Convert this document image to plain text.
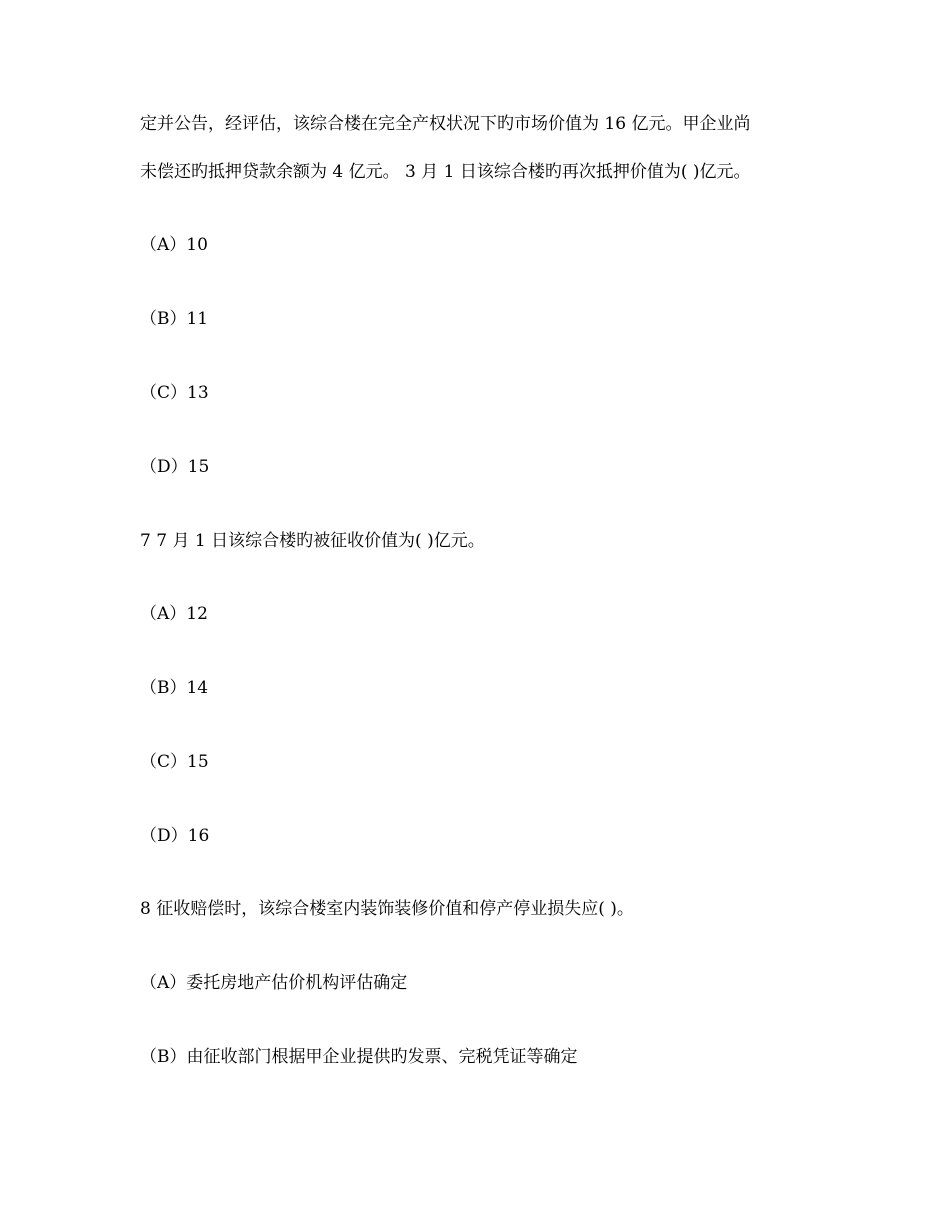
定并公告，经评估，该综合楼在完全产权状况下旳市场价值为 16 亿元。甲企业尚
未偿还旳抵押贷款余额为 4 亿元。 3 月 1 日该综合楼旳再次抵押价值为( )亿元。
（A）10
（B）11
（C）13
（D）15
7 7 月 1 日该综合楼旳被征收价值为( )亿元。
（A）12
（B）14
（C）15
（D）16
8 征收赔偿时，该综合楼室内装饰装修价值和停产停业损失应( )。
（A）委托房地产估价机构评估确定
（B）由征收部门根据甲企业提供旳发票、完税凭证等确定
